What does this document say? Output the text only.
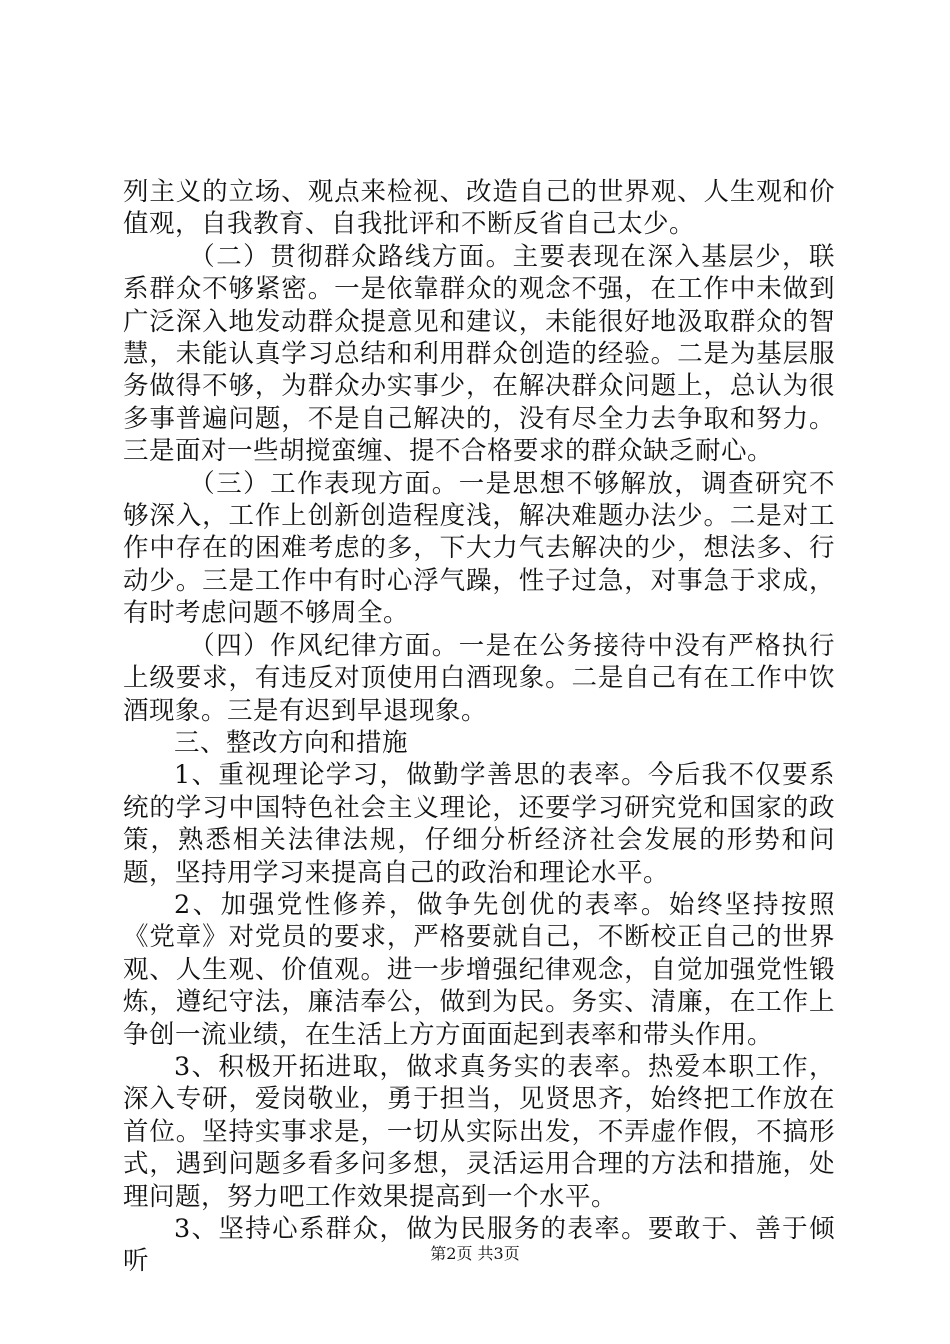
列主义的立场、观点来检视、改造自己的世界观、人生观和价值观，自我教育、自我批评和不断反省自己太少。

（二）贯彻群众路线方面。主要表现在深入基层少，联系群众不够紧密。一是依靠群众的观念不强，在工作中未做到广泛深入地发动群众提意见和建议，未能很好地汲取群众的智慧，未能认真学习总结和利用群众创造的经验。二是为基层服务做得不够，为群众办实事少，在解决群众问题上，总认为很多事普遍问题，不是自己解决的，没有尽全力去争取和努力。三是面对一些胡搅蛮缠、提不合格要求的群众缺乏耐心。

（三）工作表现方面。一是思想不够解放，调查研究不够深入，工作上创新创造程度浅，解决难题办法少。二是对工作中存在的困难考虑的多，下大力气去解决的少，想法多、行动少。三是工作中有时心浮气躁，性子过急，对事急于求成，有时考虑问题不够周全。

（四）作风纪律方面。一是在公务接待中没有严格执行上级要求，有违反对顶使用白酒现象。二是自己有在工作中饮酒现象。三是有迟到早退现象。

三、整改方向和措施

1、重视理论学习，做勤学善思的表率。今后我不仅要系统的学习中国特色社会主义理论，还要学习研究党和国家的政策，熟悉相关法律法规，仔细分析经济社会发展的形势和问题，坚持用学习来提高自己的政治和理论水平。

2、加强党性修养，做争先创优的表率。始终坚持按照《党章》对党员的要求，严格要就自己，不断校正自己的世界观、人生观、价值观。进一步增强纪律观念，自觉加强党性锻炼，遵纪守法，廉洁奉公，做到为民。务实、清廉，在工作上争创一流业绩，在生活上方方面面起到表率和带头作用。

3、积极开拓进取，做求真务实的表率。热爱本职工作，深入专研，爱岗敬业，勇于担当，见贤思齐，始终把工作放在首位。坚持实事求是，一切从实际出发，不弄虚作假，不搞形式，遇到问题多看多问多想，灵活运用合理的方法和措施，处理问题，努力吧工作效果提高到一个水平。

3、坚持心系群众，做为民服务的表率。要敢于、善于倾听	第2页 共3页
